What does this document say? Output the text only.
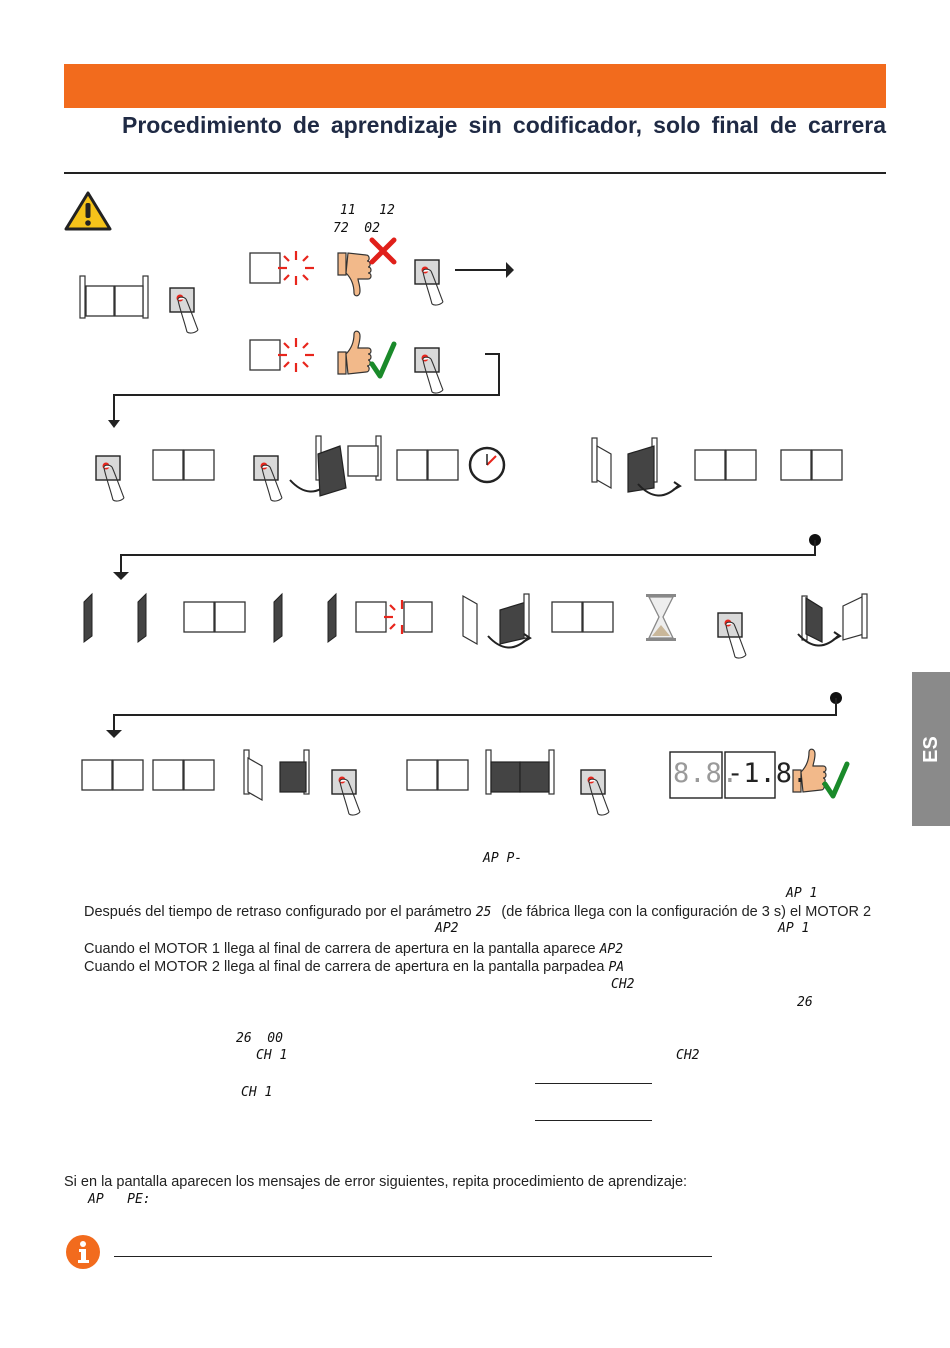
Procedimiento de aprendizaje sin codificador, solo final de carrera
ES
11   12
72  02
8.8.
-1.8.
AP P-
AP 1
Después del tiempo de retraso configurado por el parámetro 25 (de fábrica llega con la configuración de 3 s) el MOTOR 2
AP2	AP 1
Cuando el MOTOR 1 llega al final de carrera de apertura en la pantalla aparece AP2
Cuando el MOTOR 2 llega al final de carrera de apertura en la pantalla parpadea PA
CH2
26
26  00
CH 1	CH2
CH 1
Si en la pantalla aparecen los mensajes de error siguientes, repita procedimiento de aprendizaje:
AP   PE:
